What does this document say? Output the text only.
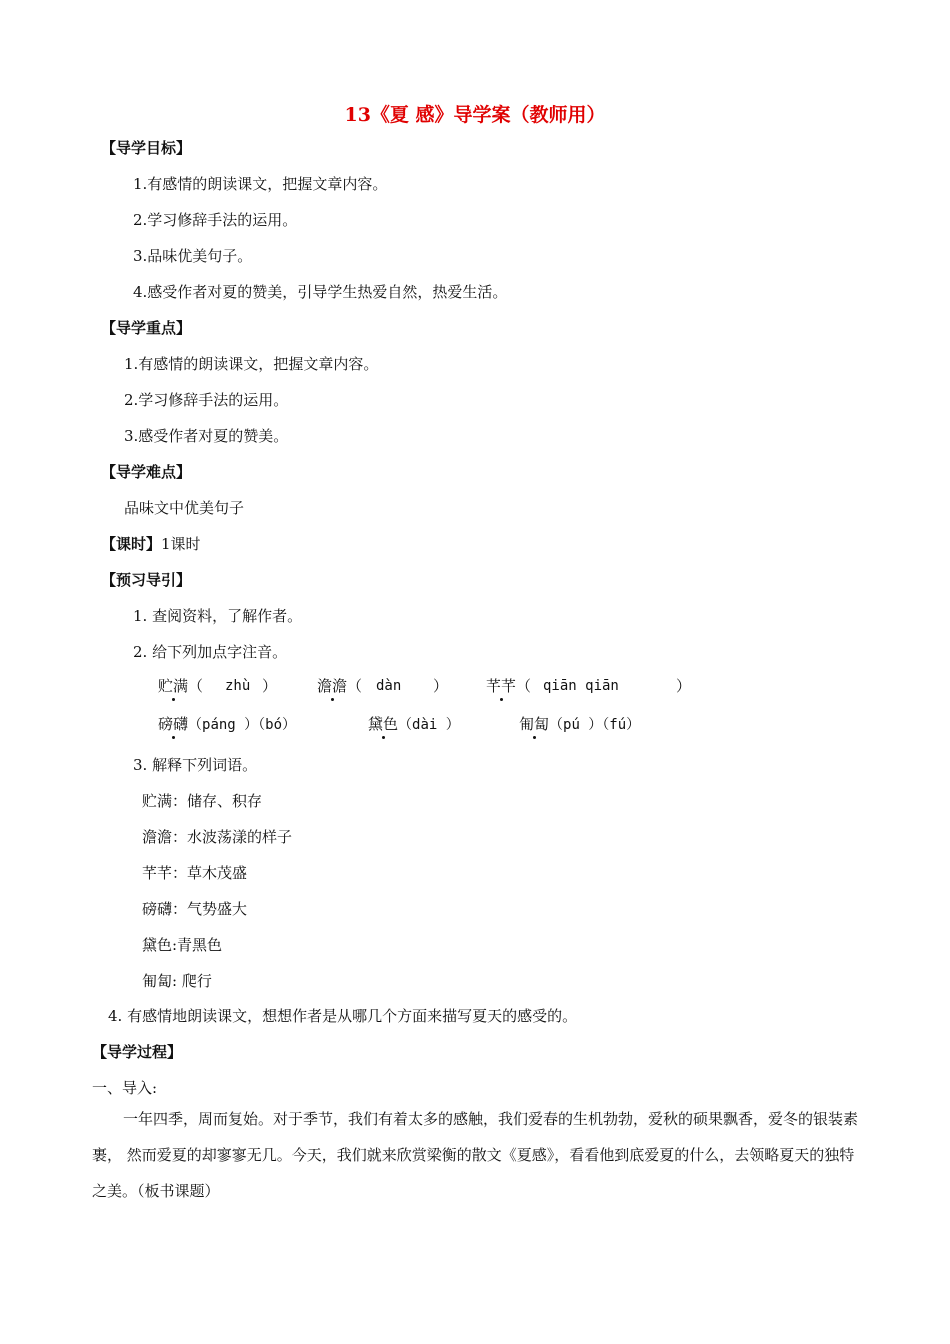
13《夏 感》导学案（教师用）
【导学目标】
1.有感情的朗读课文，把握文章内容。
2.学习修辞手法的运用。
3.品味优美句子。
4.感受作者对夏的赞美，引导学生热爱自然，热爱生活。
【导学重点】
1.有感情的朗读课文，把握文章内容。
2.学习修辞手法的运用。
3.感受作者对夏的赞美。
【导学难点】
品味文中优美句子
【课时】1课时
【预习导引】
1. 查阅资料，了解作者。
2. 给下列加点字注音。
贮满（ zhù ）	澹澹（ dàn ）	芊芊（ qiān qiān	）
磅礴（páng ）（bó）	黛色（dài ）	匍匐（pú ）（fú）
3. 解释下列词语。
贮满：储存、积存
澹澹：水波荡漾的样子
芊芊：草木茂盛
磅礴：气势盛大
黛色:青黑色
匍匐: 爬行
4. 有感情地朗读课文，想想作者是从哪几个方面来描写夏天的感受的。
【导学过程】
一、导入:
一年四季，周而复始。对于季节，我们有着太多的感触，我们爱春的生机勃勃，爱秋的硕果飘香，爱冬的银装素裹， 然而爱夏的却寥寥无几。今天，我们就来欣赏梁衡的散文《夏感》，看看他到底爱夏的什么，去领略夏天的独特之美。（板书课题）
